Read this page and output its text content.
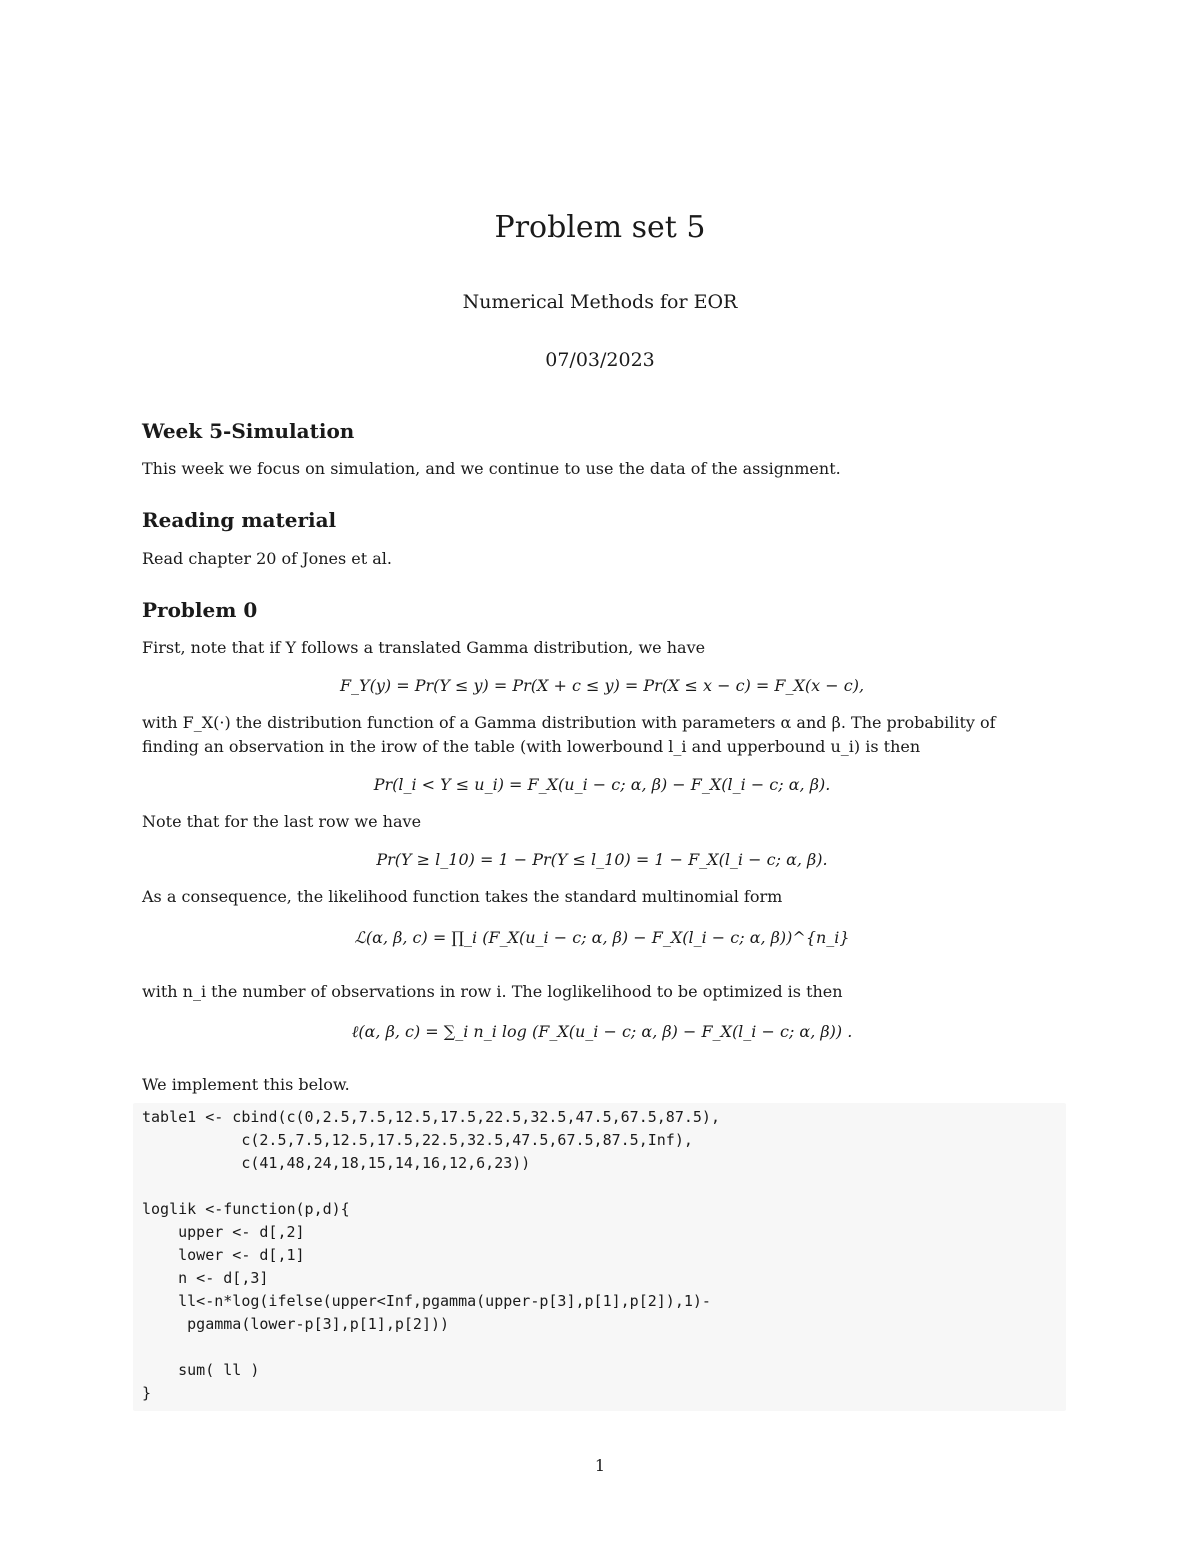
Problem set 5
Numerical Methods for EOR
07/03/2023
Week 5-Simulation
This week we focus on simulation, and we continue to use the data of the assignment.
Reading material
Read chapter 20 of Jones et al.
Problem 0
First, note that if Y follows a translated Gamma distribution, we have
F_Y(y) = Pr(Y ≤ y) = Pr(X + c ≤ y) = Pr(X ≤ x − c) = F_X(x − c),
with F_X(·) the distribution function of a Gamma distribution with parameters α and β. The probability of
finding an observation in the irow of the table (with lowerbound l_i and upperbound u_i) is then
Pr(l_i < Y ≤ u_i) = F_X(u_i − c; α, β) − F_X(l_i − c; α, β).
Note that for the last row we have
Pr(Y ≥ l_10) = 1 − Pr(Y ≤ l_10) = 1 − F_X(l_i − c; α, β).
As a consequence, the likelihood function takes the standard multinomial form
ℒ(α, β, c) = ∏_i (F_X(u_i − c; α, β) − F_X(l_i − c; α, β))^{n_i}
with n_i the number of observations in row i. The loglikelihood to be optimized is then
ℓ(α, β, c) = ∑_i n_i log (F_X(u_i − c; α, β) − F_X(l_i − c; α, β)) .
We implement this below.
table1 <- cbind(c(0,2.5,7.5,12.5,17.5,22.5,32.5,47.5,67.5,87.5),
c(2.5,7.5,12.5,17.5,22.5,32.5,47.5,67.5,87.5,Inf),
c(41,48,24,18,15,14,16,12,6,23))
loglik <-function(p,d){
upper <- d[,2]
lower <- d[,1]
n <- d[,3]
ll<-n*log(ifelse(upper<Inf,pgamma(upper-p[3],p[1],p[2]),1)-
pgamma(lower-p[3],p[1],p[2]))
sum( ll )
}
1
